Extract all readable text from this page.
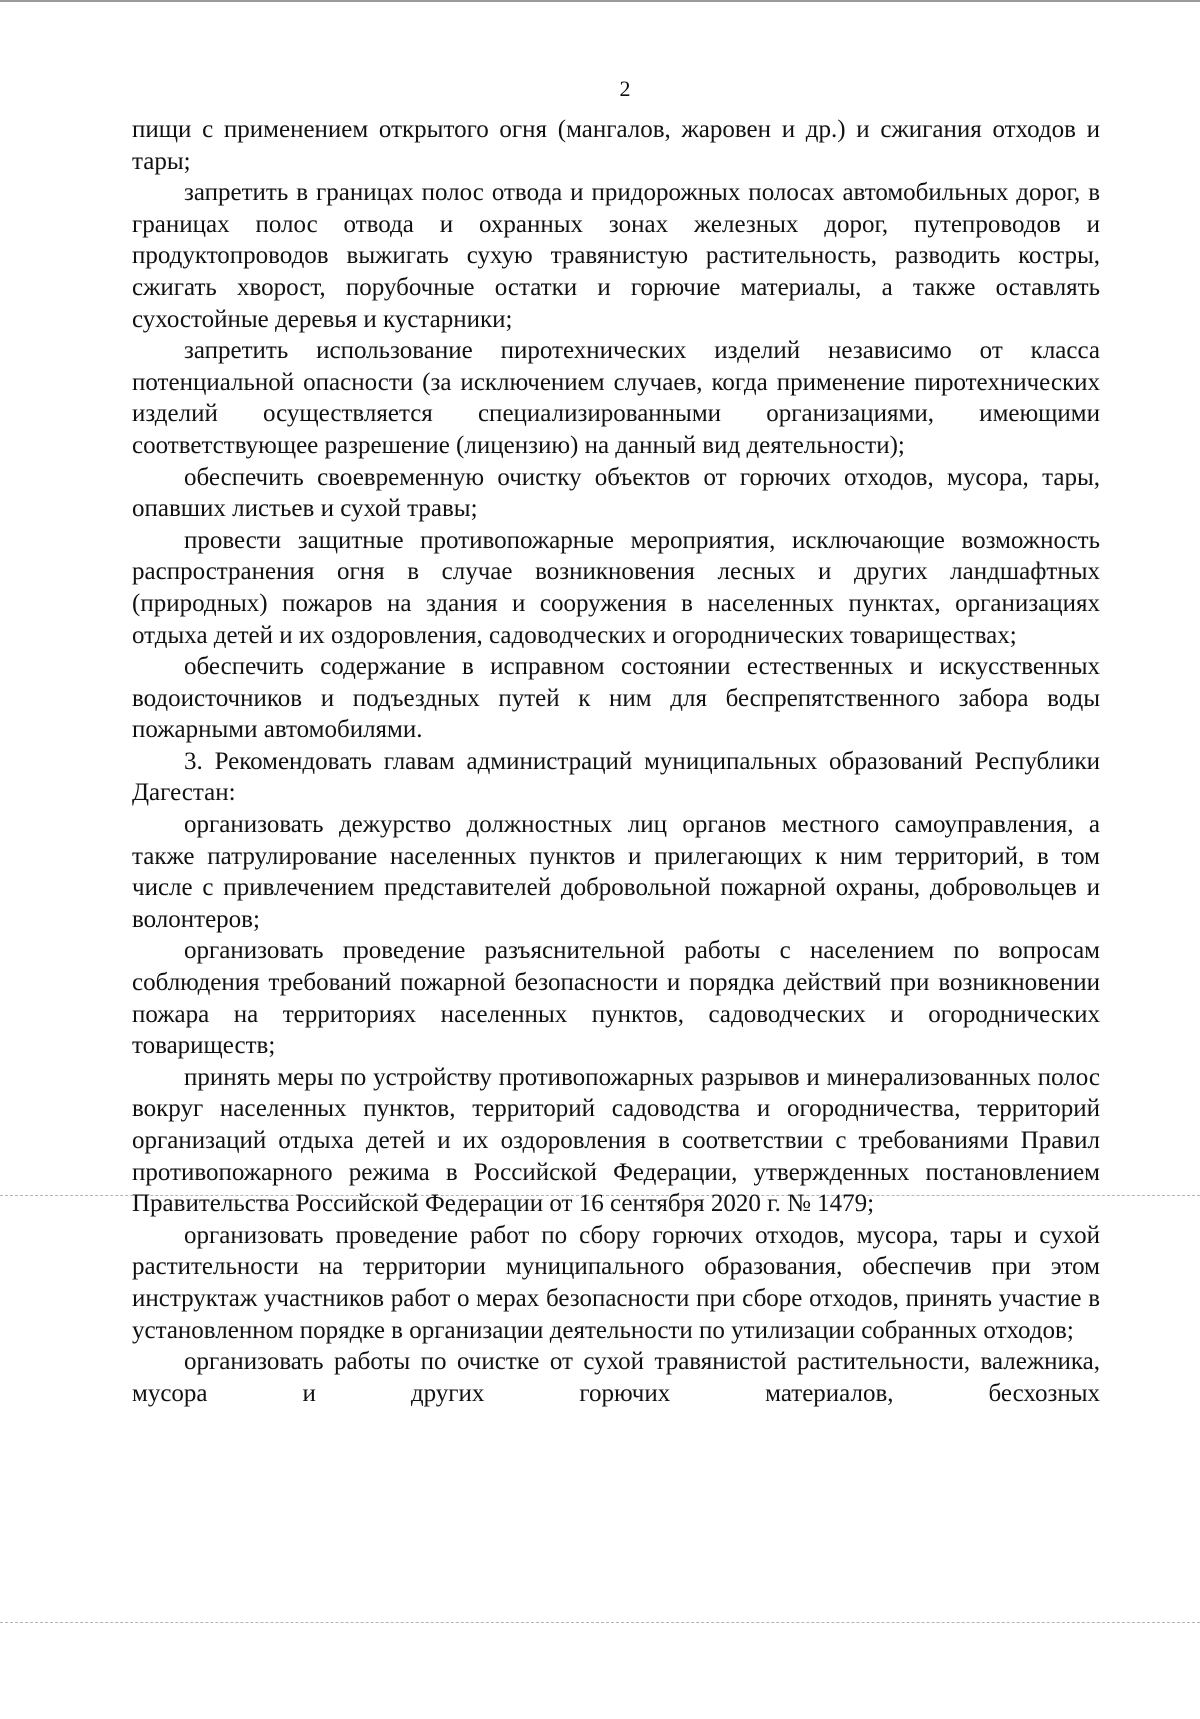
2

пищи с применением открытого огня (мангалов, жаровен и др.) и сжигания отходов и тары;

запретить в границах полос отвода и придорожных полосах автомобильных дорог, в границах полос отвода и охранных зонах железных дорог, путепроводов и продуктопроводов выжигать сухую травянистую растительность, разводить костры, сжигать хворост, порубочные остатки и горючие материалы, а также оставлять сухостойные деревья и кустарники;

запретить использование пиротехнических изделий независимо от класса потенциальной опасности (за исключением случаев, когда применение пиротехнических изделий осуществляется специализированными организациями, имеющими соответствующее разрешение (лицензию) на данный вид деятельности);

обеспечить своевременную очистку объектов от горючих отходов, мусора, тары, опавших листьев и сухой травы;

провести защитные противопожарные мероприятия, исключающие возможность распространения огня в случае возникновения лесных и других ландшафтных (природных) пожаров на здания и сооружения в населенных пунктах, организациях отдыха детей и их оздоровления, садоводческих и огороднических товариществах;

обеспечить содержание в исправном состоянии естественных и искусственных водоисточников и подъездных путей к ним для беспрепятственного забора воды пожарными автомобилями.

3. Рекомендовать главам администраций муниципальных образований Республики Дагестан:

организовать дежурство должностных лиц органов местного самоуправления, а также патрулирование населенных пунктов и прилегающих к ним территорий, в том числе с привлечением представителей добровольной пожарной охраны, добровольцев и волонтеров;

организовать проведение разъяснительной работы с населением по вопросам соблюдения требований пожарной безопасности и порядка действий при возникновении пожара на территориях населенных пунктов, садоводческих и огороднических товариществ;

принять меры по устройству противопожарных разрывов и минерализованных полос вокруг населенных пунктов, территорий садоводства и огородничества, территорий организаций отдыха детей и их оздоровления в соответствии с требованиями Правил противопожарного режима в Российской Федерации, утвержденных постановлением Правительства Российской Федерации от 16 сентября 2020 г. № 1479;

организовать проведение работ по сбору горючих отходов, мусора, тары и сухой растительности на территории муниципального образования, обеспечив при этом инструктаж участников работ о мерах безопасности при сборе отходов, принять участие в установленном порядке в организации деятельности по утилизации собранных отходов;

организовать работы по очистке от сухой травянистой растительности, валежника, мусора и других горючих материалов, бесхозных
